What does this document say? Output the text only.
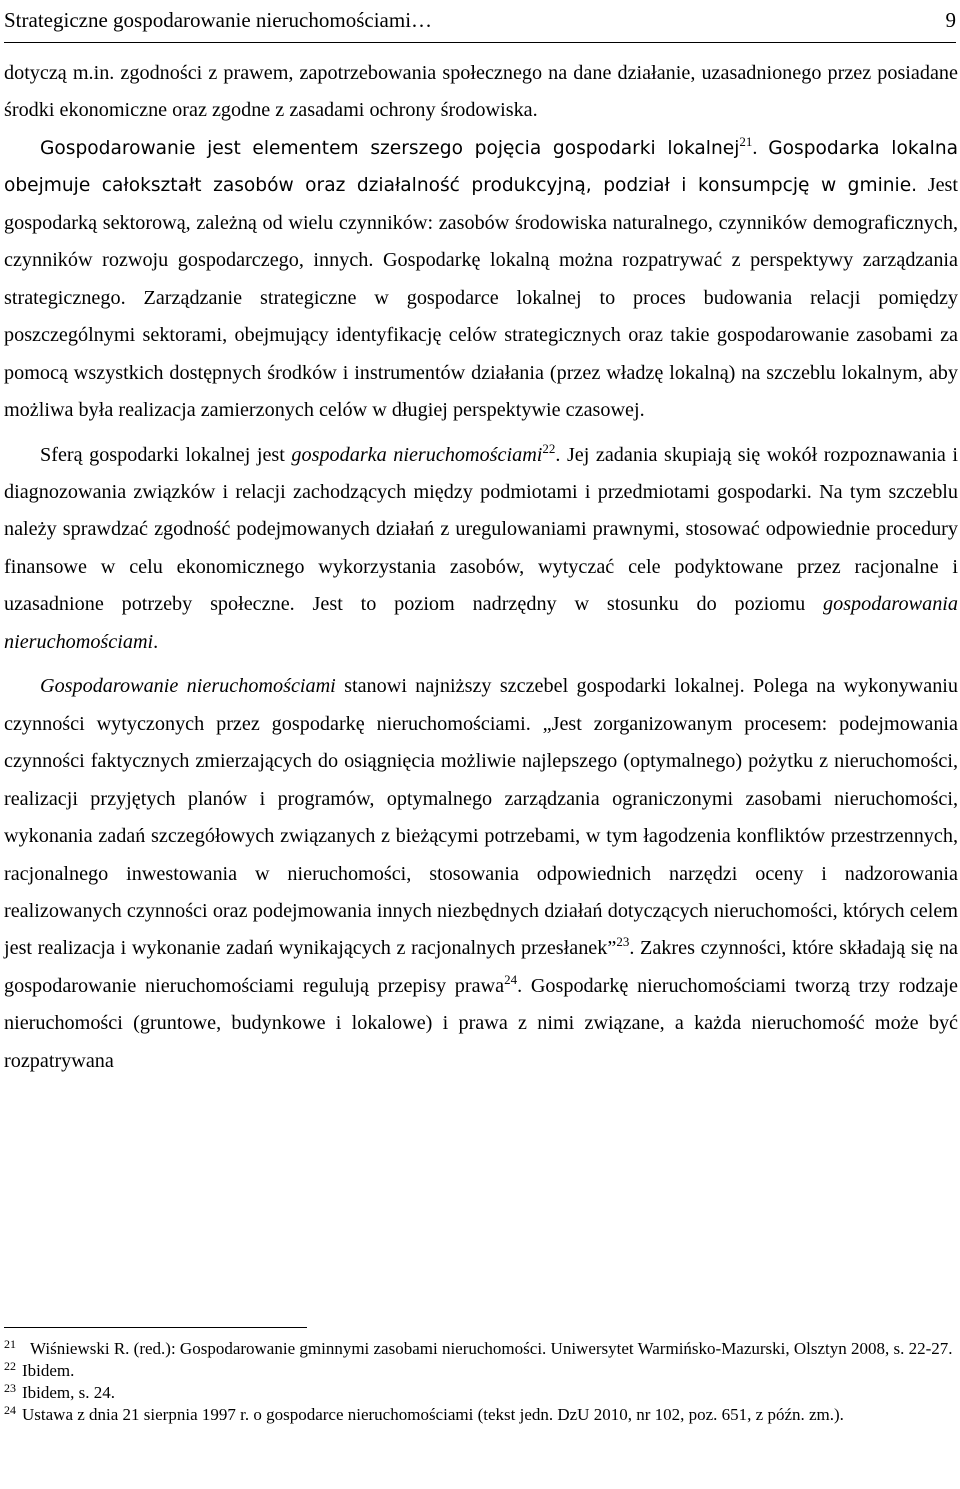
Strategiczne gospodarowanie nieruchomościami…	9

dotyczą m.in. zgodności z prawem, zapotrzebowania społecznego na dane działanie, uzasadnionego przez posiadane środki ekonomiczne oraz zgodne z zasadami ochrony środowiska.

Gospodarowanie jest elementem szerszego pojęcia gospodarki lokalnej$^{21}$. Gospodarka lokalna obejmuje całokształt zasobów oraz działalność produkcyjną, podział i konsumpcję w gminie. Jest gospodarką sektorową, zależną od wielu czynników: zasobów środowiska naturalnego, czynników demograficznych, czynników rozwoju gospodarczego, innych. Gospodarkę lokalną można rozpatrywać z perspektywy zarządzania strategicznego. Zarządzanie strategiczne w gospodarce lokalnej to proces budowania relacji pomiędzy poszczególnymi sektorami, obejmujący identyfikację celów strategicznych oraz takie gospodarowanie zasobami za pomocą wszystkich dostępnych środków i instrumentów działania (przez władzę lokalną) na szczeblu lokalnym, aby możliwa była realizacja zamierzonych celów w długiej perspektywie czasowej.

Sferą gospodarki lokalnej jest gospodarka nieruchomościami$^{22}$. Jej zadania skupiają się wokół rozpoznawania i diagnozowania związków i relacji zachodzących między podmiotami i przedmiotami gospodarki. Na tym szczeblu należy sprawdzać zgodność podejmowanych działań z uregulowaniami prawnymi, stosować odpowiednie procedury finansowe w celu ekonomicznego wykorzystania zasobów, wytyczać cele podyktowane przez racjonalne i uzasadnione potrzeby społeczne. Jest to poziom nadrzędny w stosunku do poziomu gospodarowania nieruchomościami.

Gospodarowanie nieruchomościami stanowi najniższy szczebel gospodarki lokalnej. Polega na wykonywaniu czynności wytyczonych przez gospodarkę nieruchomościami. „Jest zorganizowanym procesem: podejmowania czynności faktycznych zmierzających do osiągnięcia możliwie najlepszego (optymalnego) pożytku z nieruchomości, realizacji przyjętych planów i programów, optymalnego zarządzania ograniczonymi zasobami nieruchomości, wykonania zadań szczegółowych związanych z bieżącymi potrzebami, w tym łagodzenia konfliktów przestrzennych, racjonalnego inwestowania w nieruchomości, stosowania odpowiednich narzędzi oceny i nadzorowania realizowanych czynności oraz podejmowania innych niezbędnych działań dotyczących nieruchomości, których celem jest realizacja i wykonanie zadań wynikających z racjonalnych przesłanek”$^{23}$. Zakres czynności, które składają się na gospodarowanie nieruchomościami regulują przepisy prawa$^{24}$. Gospodarkę nieruchomościami tworzą trzy rodzaje nieruchomości (gruntowe, budynkowe i lokalowe) i prawa z nimi związane, a każda nieruchomość może być rozpatrywana

21 Wiśniewski R. (red.): Gospodarowanie gminnymi zasobami nieruchomości. Uniwersytet Warmińsko-Mazurski, Olsztyn 2008, s. 22-27.
22 Ibidem.
23 Ibidem, s. 24.
24 Ustawa z dnia 21 sierpnia 1997 r. o gospodarce nieruchomościami (tekst jedn. DzU 2010, nr 102, poz. 651, z późn. zm.).
